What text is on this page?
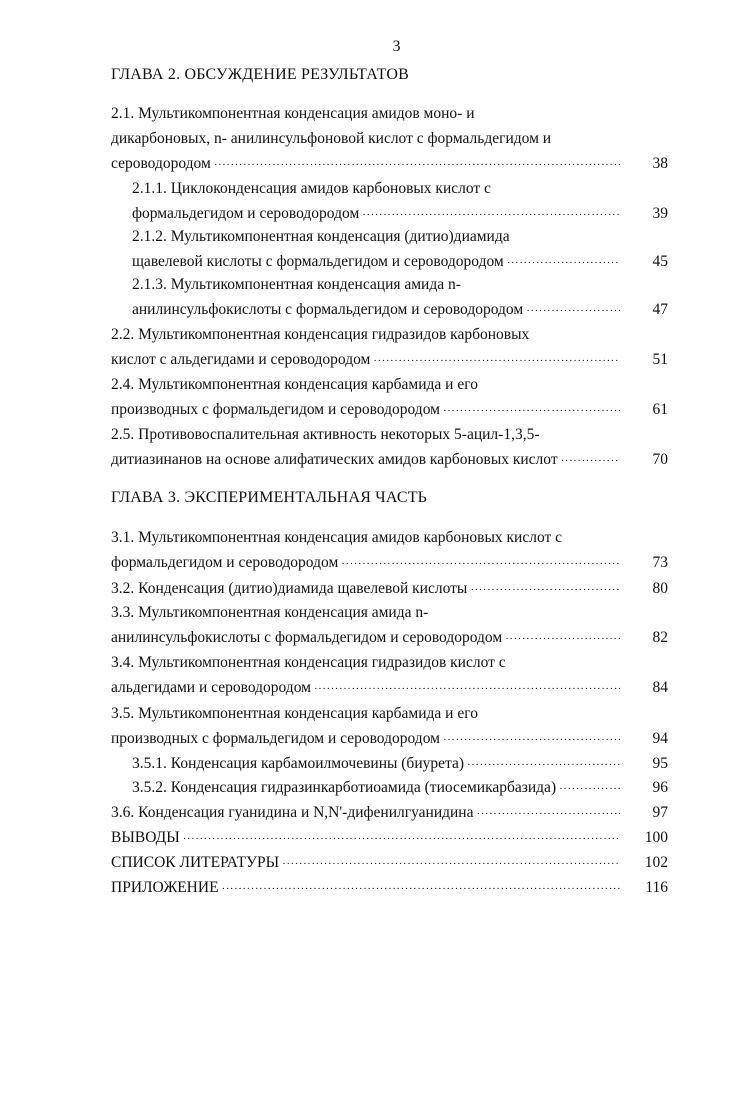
3
ГЛАВА 2. ОБСУЖДЕНИЕ РЕЗУЛЬТАТОВ
2.1. Мультикомпонентная конденсация амидов моно- и
дикарбоновых, n- анилинсульфоновой кислот с формальдегидом и
сероводородом ·····	38
2.1.1. Циклоконденсация амидов карбоновых кислот с
формальдегидом и сероводородом ·····	39
2.1.2. Мультикомпонентная конденсация (дитио)диамида
щавелевой кислоты с формальдегидом и сероводородом ·····	45
2.1.3. Мультикомпонентная конденсация амида n-
анилинсульфокислоты с формальдегидом и сероводородом ·····	47
2.2. Мультикомпонентная конденсация гидразидов карбоновых
кислот с альдегидами и сероводородом ·····	51
2.4. Мультикомпонентная конденсация карбамида и его
производных с формальдегидом и сероводородом ·····	61
2.5. Противовоспалительная активность некоторых 5-ацил-1,3,5-
дитиазинанов на основе алифатических амидов карбоновых кислот ·····	70
ГЛАВА 3. ЭКСПЕРИМЕНТАЛЬНАЯ ЧАСТЬ
3.1. Мультикомпонентная конденсация амидов карбоновых кислот с
формальдегидом и сероводородом ·····	73
3.2. Конденсация (дитио)диамида щавелевой кислоты ·····	80
3.3. Мультикомпонентная конденсация амида n-
анилинсульфокислоты с формальдегидом и сероводородом ·····	82
3.4. Мультикомпонентная конденсация гидразидов кислот с
альдегидами и сероводородом ·····	84
3.5. Мультикомпонентная конденсация карбамида и его
производных с формальдегидом и сероводородом ·····	94
3.5.1. Конденсация карбамоилмочевины (биурета) ·····	95
3.5.2. Конденсация гидразинкарботиоамида (тиосемикарбазида) ·····	96
3.6. Конденсация гуанидина и N,N'-дифенилгуанидина ·····	97
ВЫВОДЫ ·····	100
СПИСОК ЛИТЕРАТУРЫ ·····	102
ПРИЛОЖЕНИЕ ·····	116
